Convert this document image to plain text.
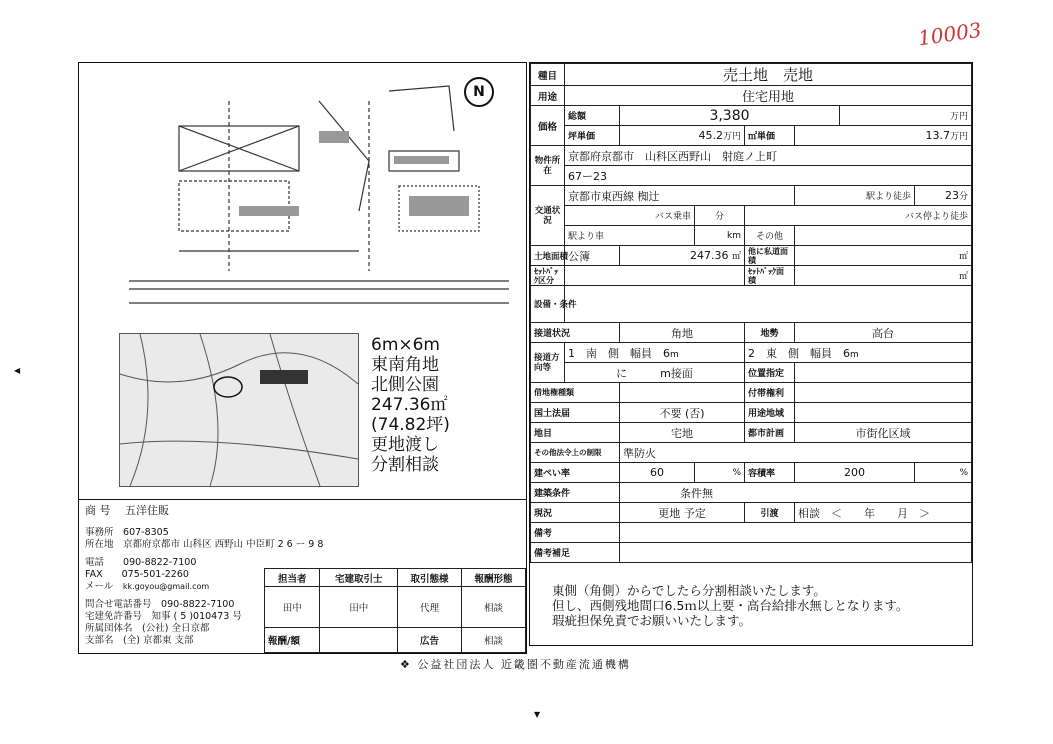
10003
N
6m×6m
東南角地
北側公園
247.36㎡
(74.82坪)
更地渡し
分割相談
商 号　 五洋住販
事務所　 607-8305
所在地　 京都府京都市 山科区 西野山 中臣町 2 6 ー 9 8
電話　　 090-8822-7100
FAX　　 075-501-2260
メール　 kk.goyou@gmail.com
問合せ電話番号　 090-8822-7100
宅建免許番号　 知事 ( 5 )010473 号
所属団体名　 (公社) 全日京都
支部名　 (全) 京都東 支部
担当者	宅建取引士	取引態様	報酬形態
田中	田中	代理	相談
報酬/額		広告	相談
種目	売土地　売地						
用途	住宅用地						
価格	総額	3,380				万円	
	坪単価	45.2万円		㎡単価	13.7万円		
物件所在	京都府京都市　山科区西野山　射庭ノ上町						
	67ー23						
交通状況	京都市東西線 椥辻				駅より徒歩		23分
	バス乗車		分	バス停より徒歩			
	駅より車		km	その他			
土地面積	公簿	247.36 ㎡		他に私道面積	㎡		
ｾｯﾄﾊﾞｯｸ区分				ｾｯﾄﾊﾞｯｸ面積	㎡		
設備・条件							
接道状況		角地		地勢	高台		
接道方向等	1　 南　側　幅員　 6m			2　 東　側　幅員　 6m			
	に　　　 m接面			位置指定			
借地権種類				付帯権利			
国土法届		不要 (否)		用途地域			
地目		宅地		都市計画	市街化区域		
その他法令上の制限		準防火					
建ぺい率		60	%	容積率	200		%
建築条件		条件無					
現況		更地 予定		引渡	相談　＜　　年　　月　＞		
備考							
備考補足							
東側（角側）からでしたら分割相談いたします。
但し、西側残地間口6.5ｍ以上要・高台給排水無しとなります。
瑕疵担保免責でお願いいたします。
❖ 公益社団法人 近畿圏不動産流通機構
◀
▼
